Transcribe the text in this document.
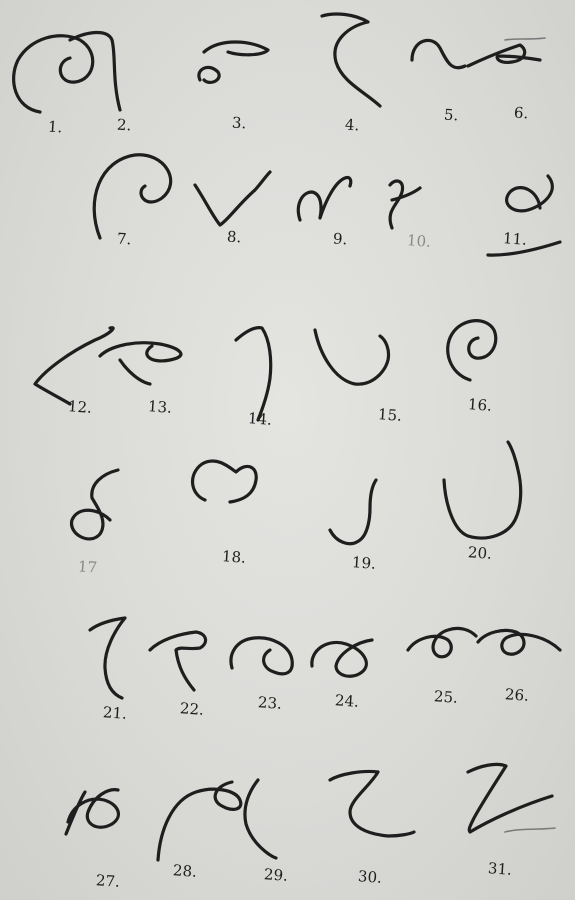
1.	2.	3.	4.
5.	6.
7.	8.	9.	10.	11.
12.	13.
14.	15.
16.
17
18.	19.
20.
21.	22.	23.	24.	25.	26.
27.
28.	29.	30.	31.
